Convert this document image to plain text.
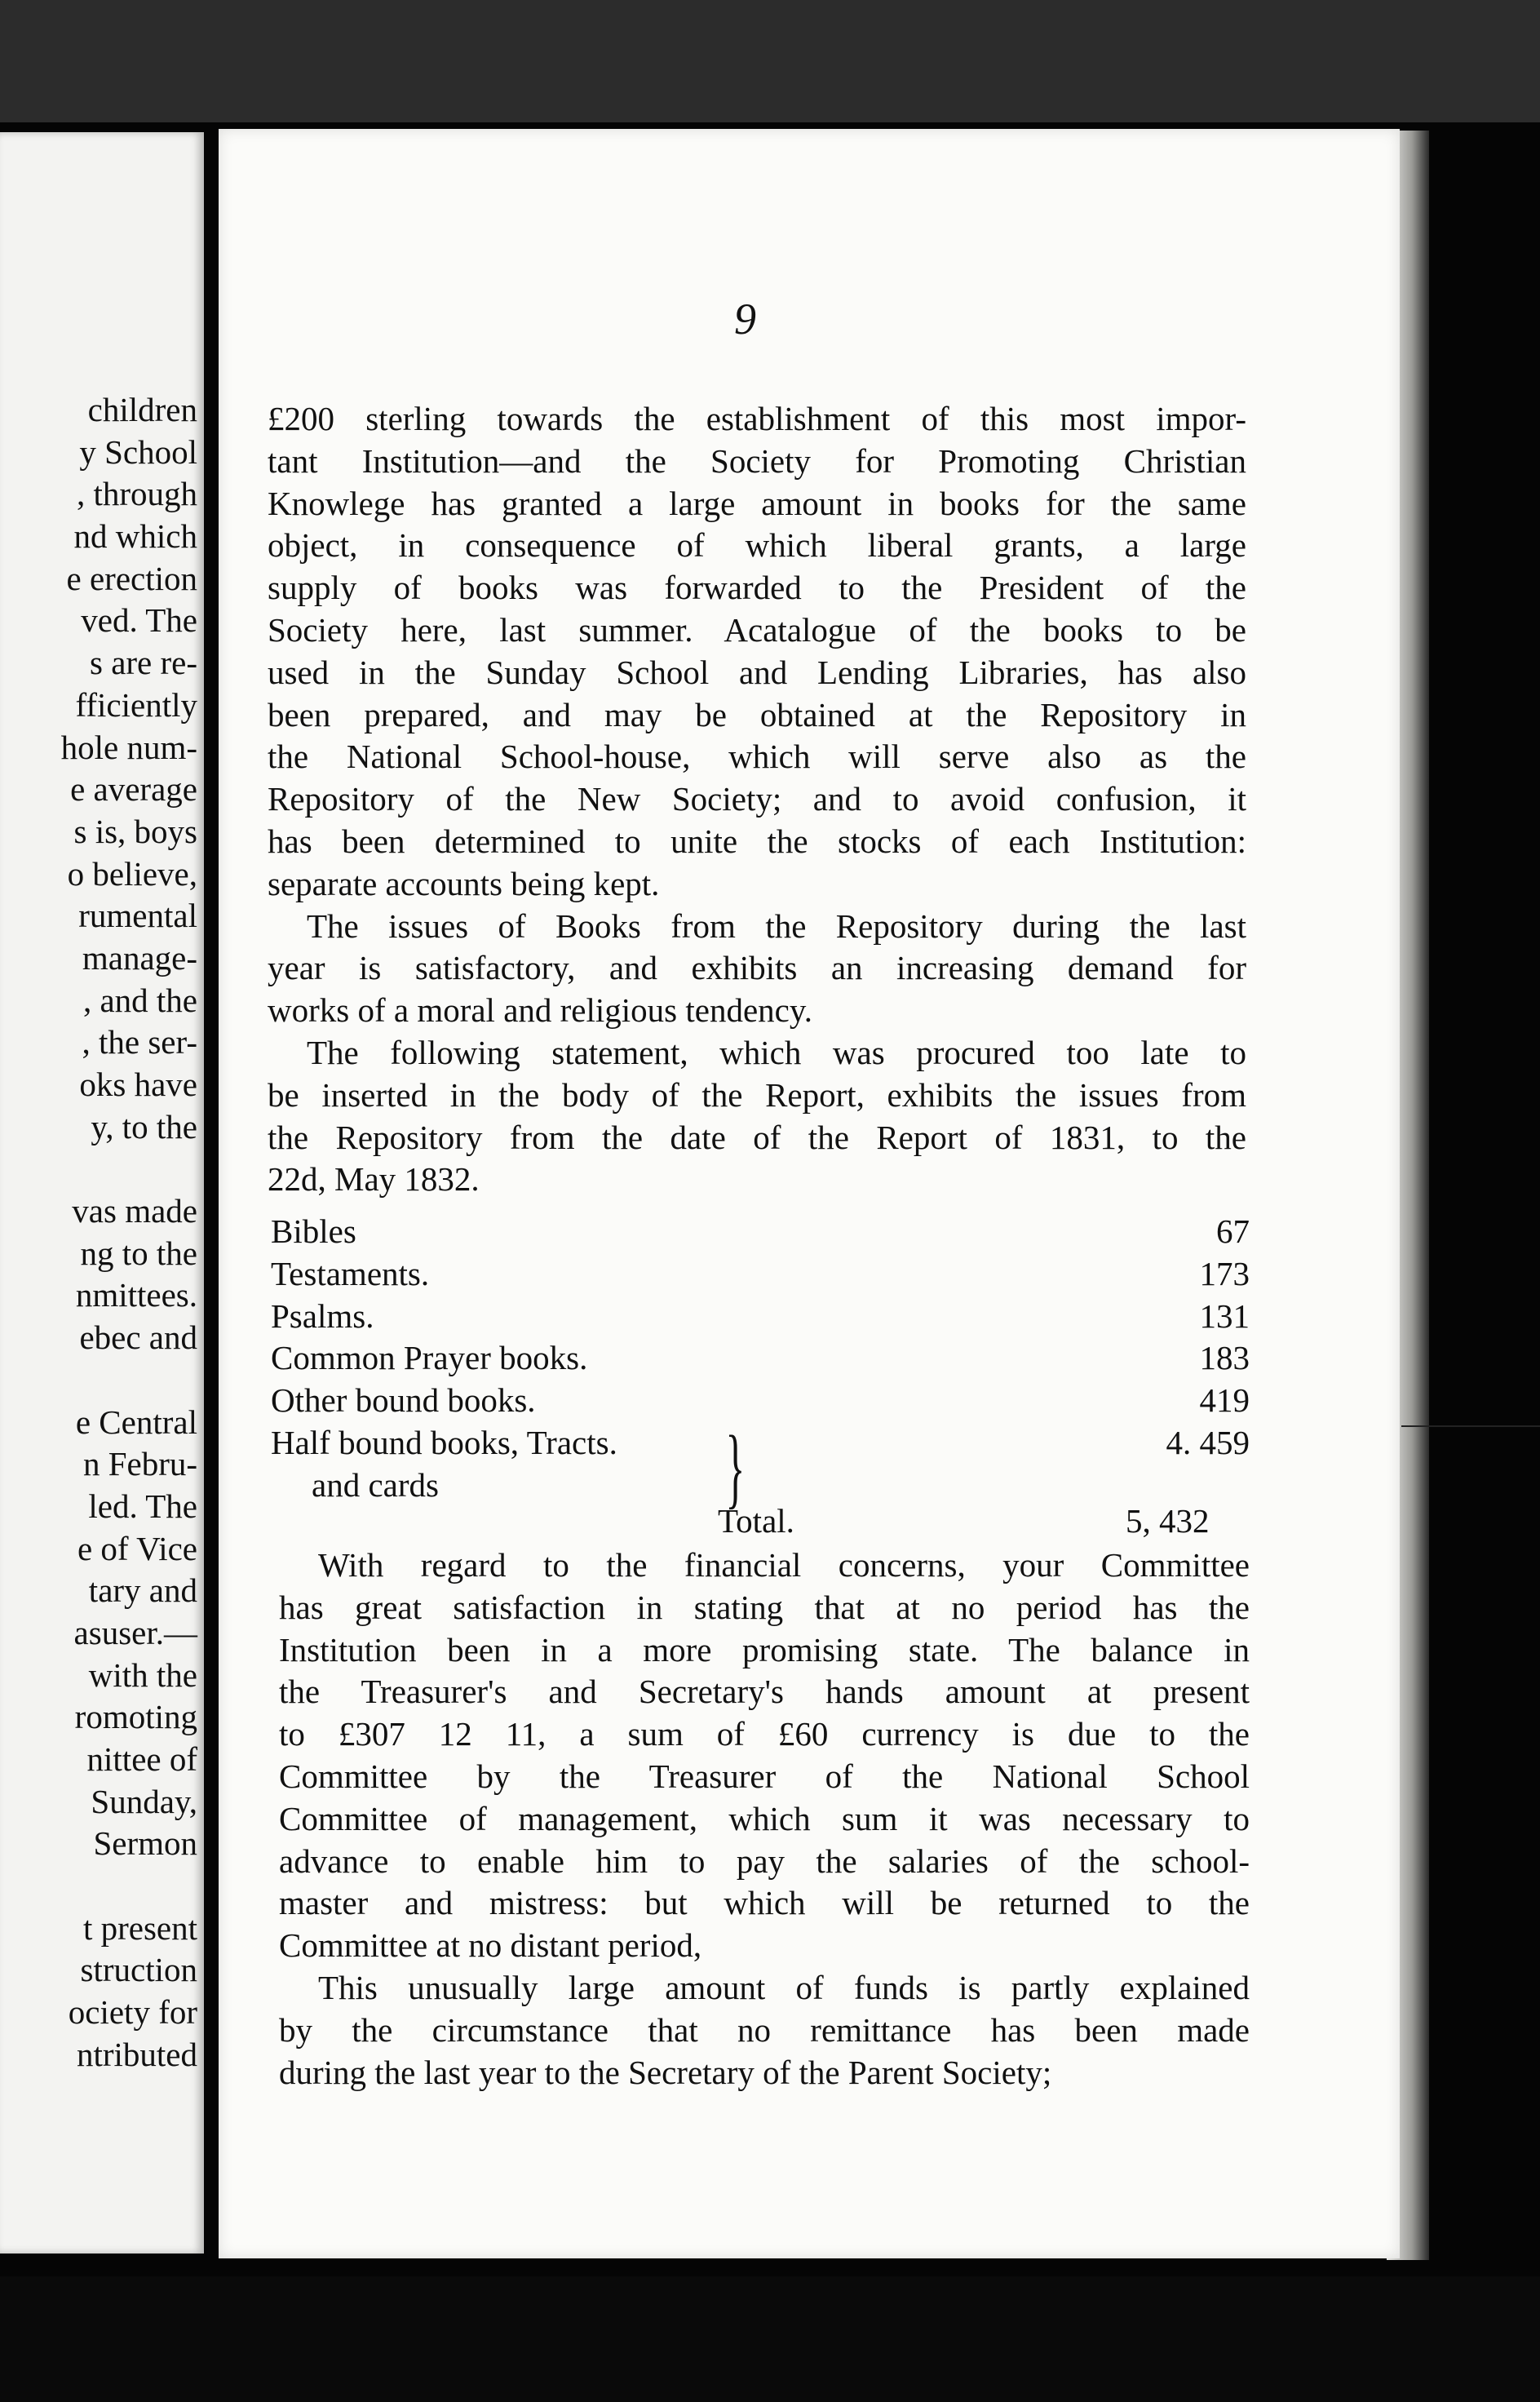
children
y School
, through
nd which
e erection
ved. The
s are re-
fficiently
hole num-
e average
s is, boys
o believe,
rumental
manage-
, and the
, the ser-
oks have
y, to the
vas made
ng to the
nmittees.
ebec and
e Central
n Febru-
led. The
e of Vice
tary and
asuser.—
with the
romoting
nittee of
Sunday,
Sermon
t present
struction
ociety for
ntributed
9
£200 sterling towards the establishment of this most impor-
tant Institution—and the Society for Promoting Christian
Knowlege has granted a large amount in books for the same
object, in consequence of which liberal grants, a large
supply of books was forwarded to the President of the
Society here, last summer. Acatalogue of the books to be
used in the Sunday School and Lending Libraries, has also
been prepared, and may be obtained at the Repository in
the National School-house, which will serve also as the
Repository of the New Society; and to avoid confusion, it
has been determined to unite the stocks of each Institution:
separate accounts being kept.
The issues of Books from the Repository during the last
year is satisfactory, and exhibits an increasing demand for
works of a moral and religious tendency.
The following statement, which was procured too late to
be inserted in the body of the Report, exhibits the issues from
the Repository from the date of the Report of 1831, to the
22d, May 1832.
Bibles	67
Testaments.	173
Psalms.	131
Common Prayer books.	183
Other bound books.	419
Half bound books, Tracts.	4. 459
and cards	}
Total.	5, 432
With regard to the financial concerns, your Committee
has great satisfaction in stating that at no period has the
Institution been in a more promising state. The balance in
the Treasurer's and Secretary's hands amount at present
to £307 12 11, a sum of £60 currency is due to the
Committee by the Treasurer of the National School
Committee of management, which sum it was necessary to
advance to enable him to pay the salaries of the school-
master and mistress: but which will be returned to the
Committee at no distant period,
This unusually large amount of funds is partly explained
by the circumstance that no remittance has been made
during the last year to the Secretary of the Parent Society;
